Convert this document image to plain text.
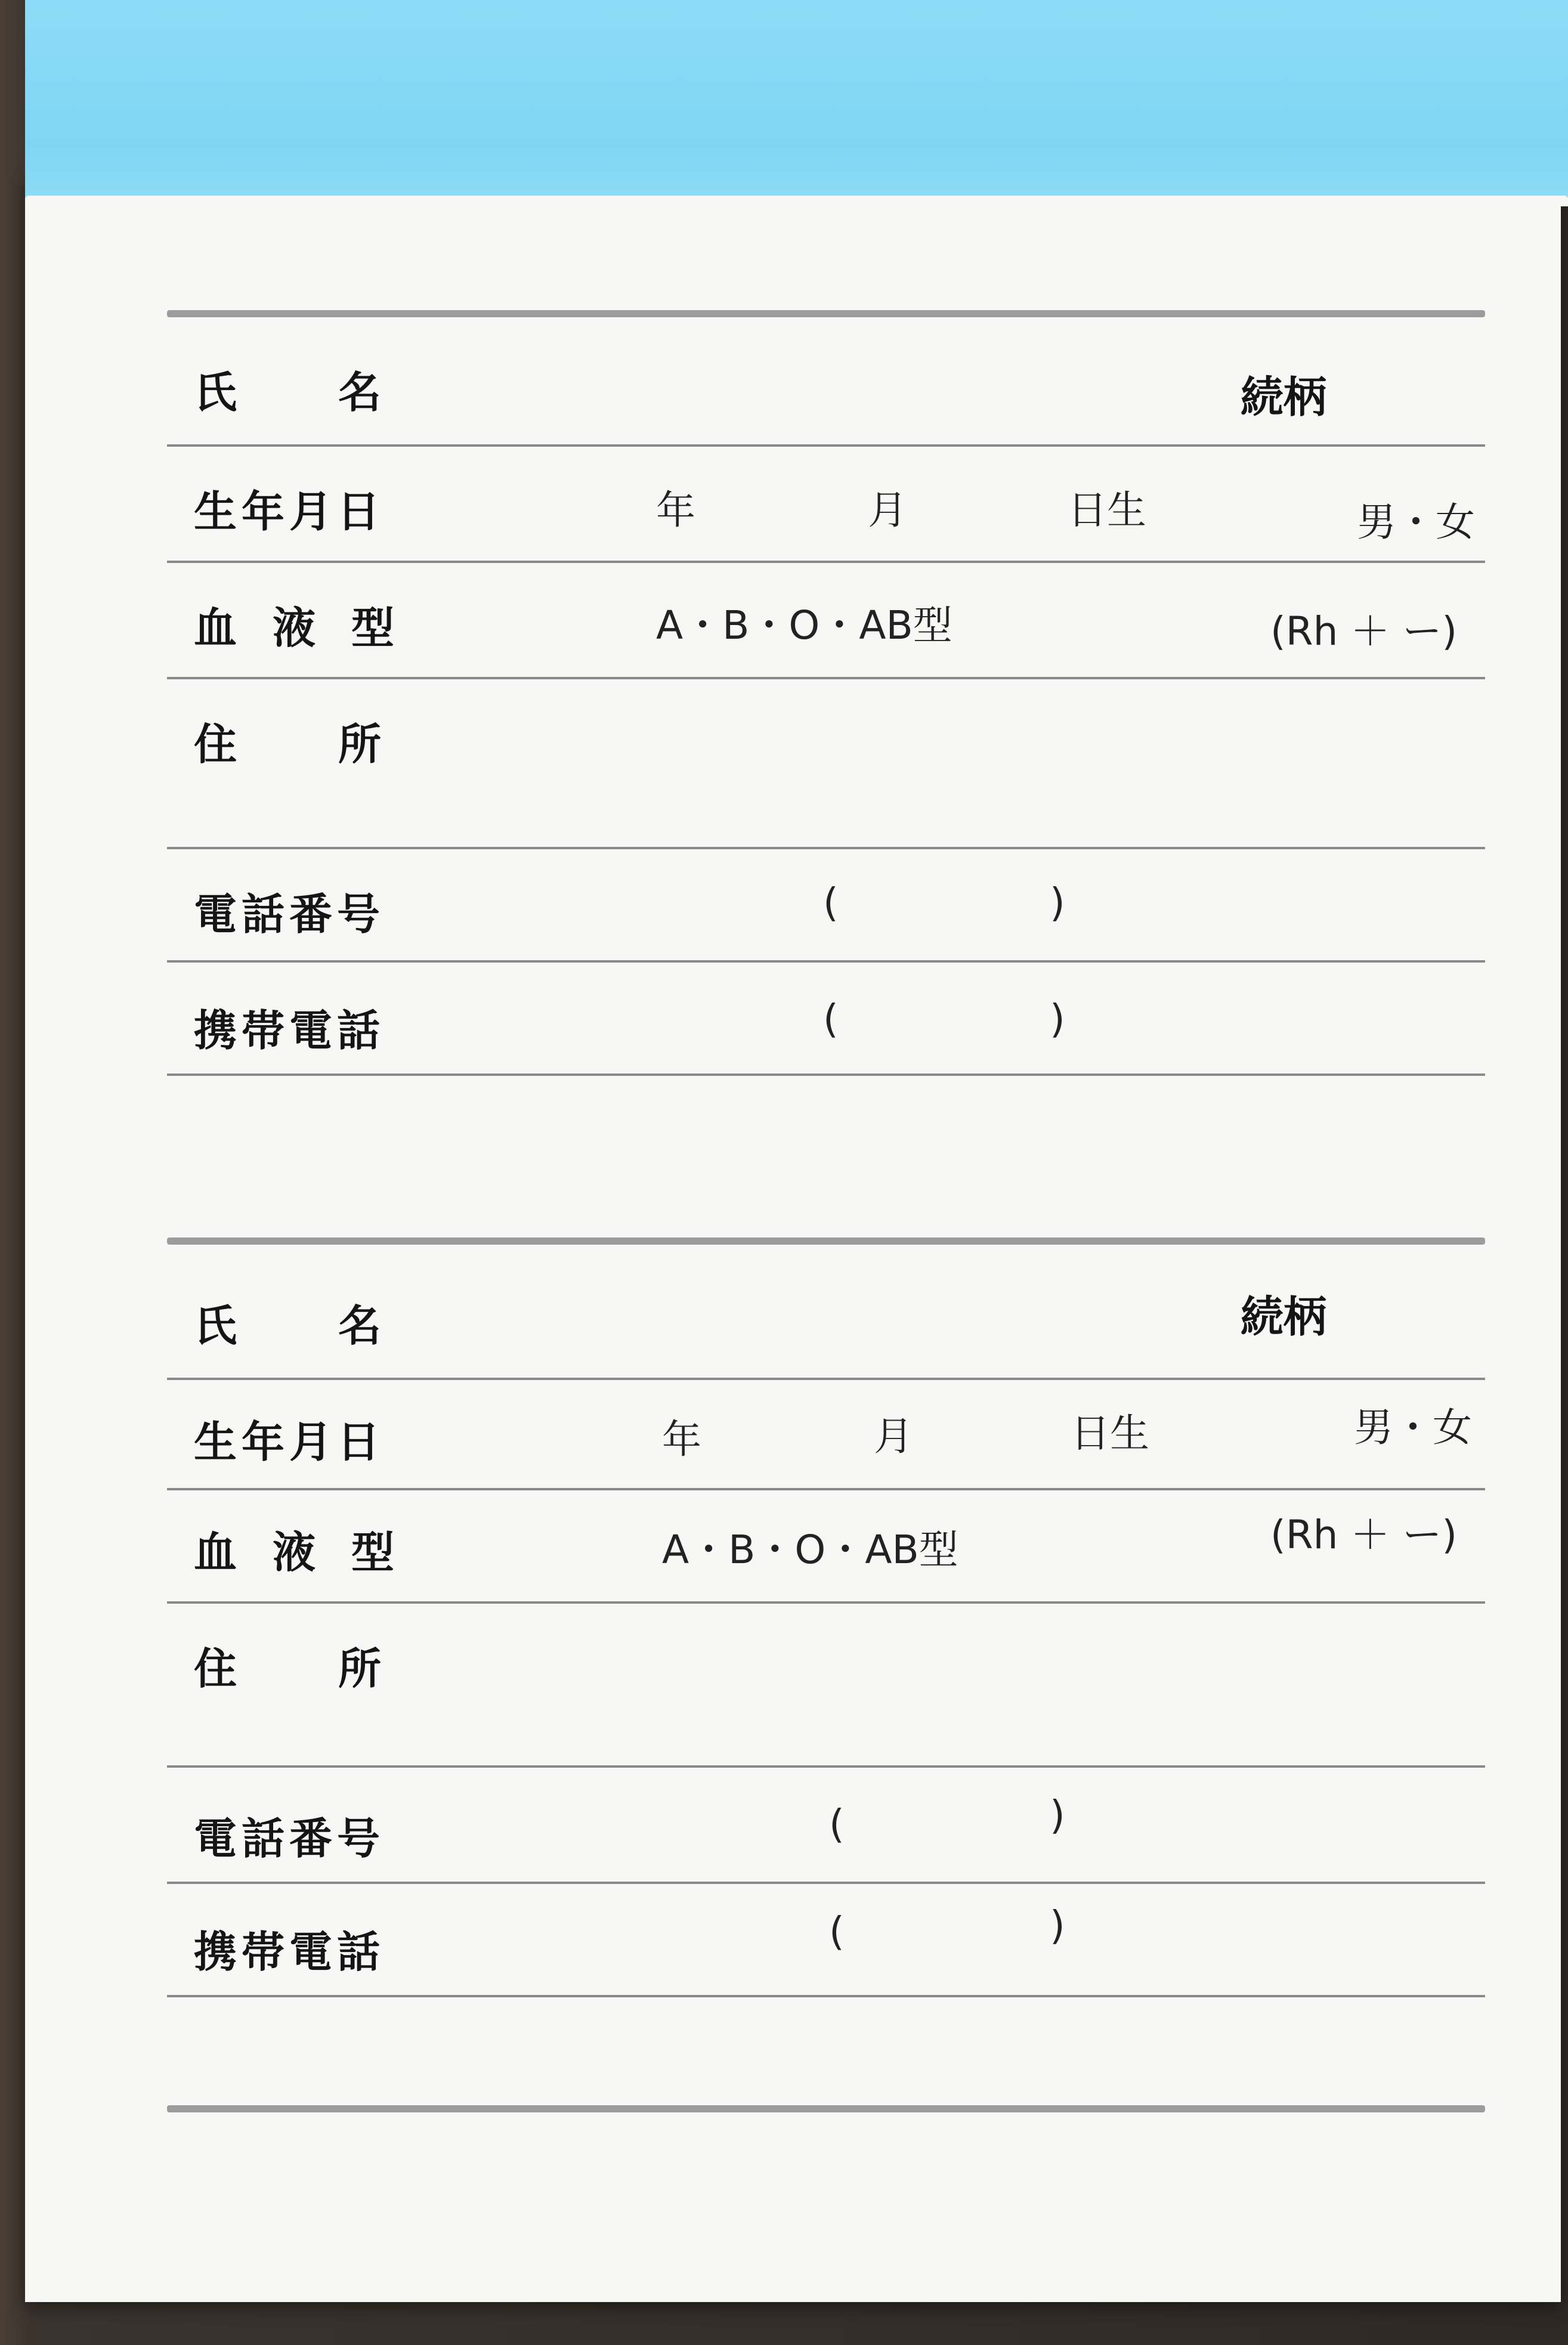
氏名	続柄
生年月日	年	月	日生	男・女
血液型	A・B・O・AB型	(Rh ＋ ー)
住所
電話番号	(	)
携帯電話	(	)
氏名	続柄
生年月日	年	月	日生	男・女
血液型	A・B・O・AB型	(Rh ＋ ー)
住所
電話番号	(	)
携帯電話	(	)
